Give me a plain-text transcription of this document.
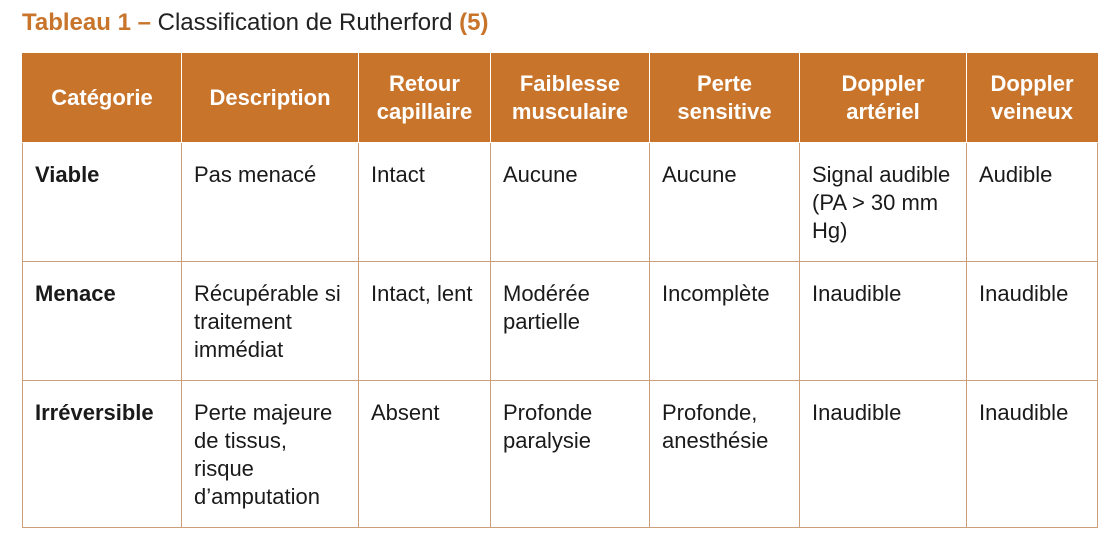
Tableau 1 – Classification de Rutherford (5)
Catégorie	Description	Retour capillaire	Faiblesse musculaire	Perte sensitive	Doppler artériel	Doppler veineux
Viable	Pas menacé	Intact	Aucune	Aucune	Signal audible (PA > 30 mm Hg)	Audible
Menace	Récupérable si traitement immédiat	Intact, lent	Modérée partielle	Incomplète	Inaudible	Inaudible
Irréversible	Perte majeure de tissus, risque d’amputation	Absent	Profonde paralysie	Profonde, anesthésie	Inaudible	Inaudible
